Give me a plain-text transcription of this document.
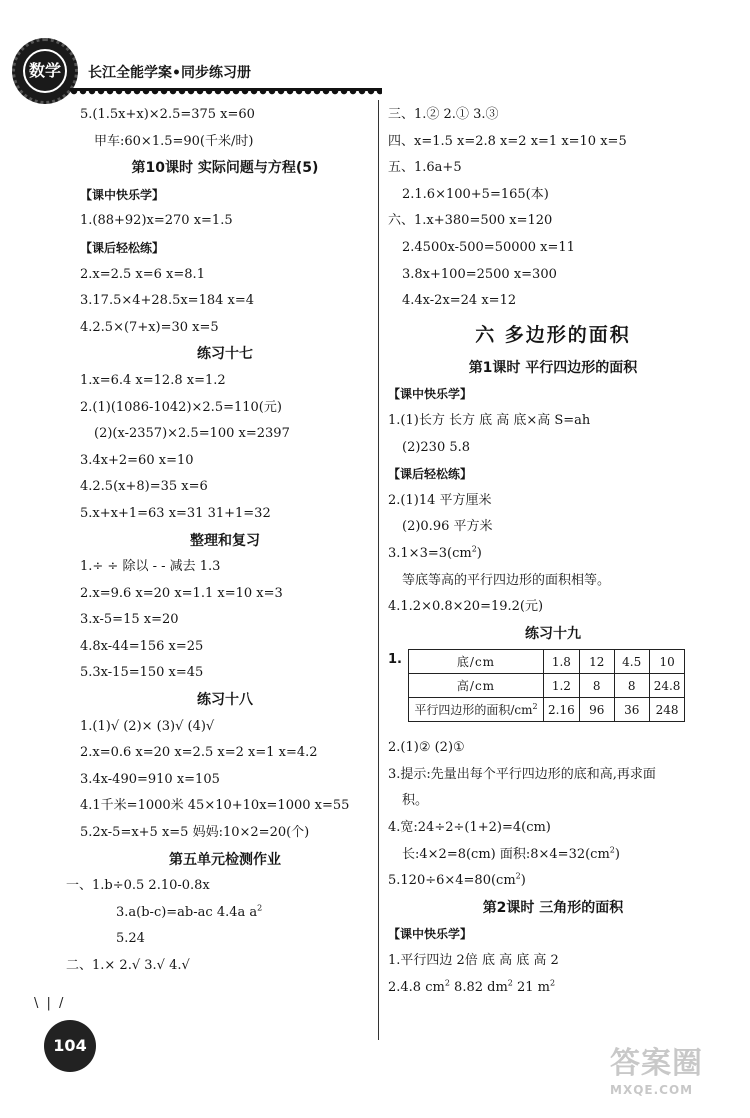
数学	长江全能学案•同步练习册
5.(1.5x+x)×2.5=375 x=60
甲车:60×1.5=90(千米/时)
第10课时 实际问题与方程(5)
【课中快乐学】
1.(88+92)x=270 x=1.5
【课后轻松练】
2.x=2.5 x=6 x=8.1
3.17.5×4+28.5x=184 x=4
4.2.5×(7+x)=30 x=5
练习十七
1.x=6.4 x=12.8 x=1.2
2.(1)(1086-1042)×2.5=110(元)
(2)(x-2357)×2.5=100 x=2397
3.4x+2=60 x=10
4.2.5(x+8)=35 x=6
5.x+x+1=63 x=31 31+1=32
整理和复习
1.÷ ÷ 除以 - - 减去 1.3
2.x=9.6 x=20 x=1.1 x=10 x=3
3.x-5=15 x=20
4.8x-44=156 x=25
5.3x-15=150 x=45
练习十八
1.(1)√ (2)× (3)√ (4)√
2.x=0.6 x=20 x=2.5 x=2 x=1 x=4.2
3.4x-490=910 x=105
4.1千米=1000米 45×10+10x=1000 x=55
5.2x-5=x+5 x=5 妈妈:10×2=20(个)
第五单元检测作业
一、1.b÷0.5 2.10-0.8x
3.a(b-c)=ab-ac 4.4a $a^2$
5.24
二、1.× 2.√ 3.√ 4.√
三、1.② 2.① 3.③
四、x=1.5 x=2.8 x=2 x=1 x=10 x=5
五、1.6a+5
2.1.6×100+5=165(本)
六、1.x+380=500 x=120
2.4500x-500=50000 x=11
3.8x+100=2500 x=300
4.4x-2x=24 x=12
六 多边形的面积
第1课时 平行四边形的面积
【课中快乐学】
1.(1)长方 长方 底 高 底×高 S=ah
(2)230 5.8
【课后轻松练】
2.(1)14 平方厘米
(2)0.96 平方米
$3.1\times 3=3(cm^2)$
等底等高的平行四边形的面积相等。
4.1.2×0.8×20=19.2(元)
练习十九
1.	底/cm	1.8	12	4.5	10
高/cm	1.2	8	8	24.8
平行四边形的面积$/cm^2$	2.16	96	36	248
2.(1)② (2)①
3.提示:先量出每个平行四边形的底和高,再求面
积。
4.宽:24÷2÷(1+2)=4(cm)
长:4×2=8(cm) 面积$:8\times 4=32(cm^2)$
$5.120\div 6\times 4=80(cm^2)$
第2课时 三角形的面积
【课中快乐学】
1.平行四边 2倍 底 高 底 高 2
2.4.8 $cm^2$ 8.82 $dm^2$ 21 $m^2$
\ | /
104
答案圈
MXQE.COM
